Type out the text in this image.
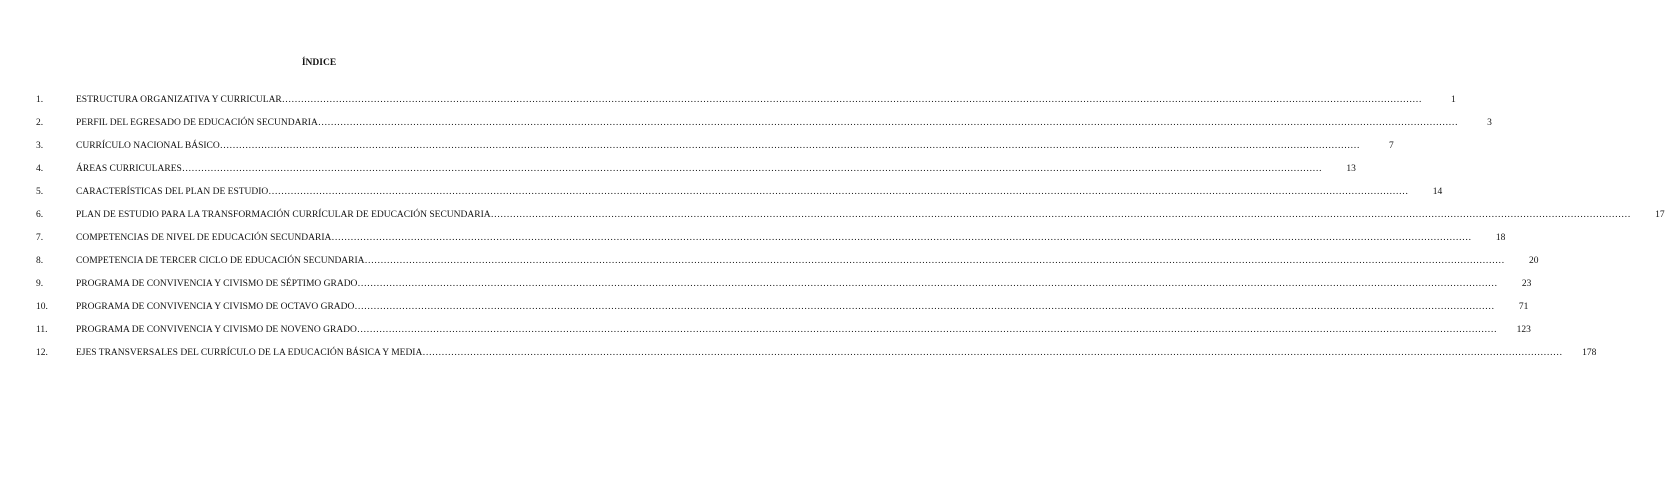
ÍNDICE
1.	ESTRUCTURA ORGANIZATIVA Y CURRICULAR………………………………………………………………………………………………………………………………………………………………………………………………………………………………………………………………………………………………………………………………	1
2.	PERFIL DEL EGRESADO DE EDUCACIÓN SECUNDARIA………………………………………………………………………………………………………………………………………………………………………………………………………………………………………………………………………………………………………………………………	3
3.	CURRÍCULO NACIONAL BÁSICO………………………………………………………………………………………………………………………………………………………………………………………………………………………………………………………………………………………………………………………………	7
4.	ÁREAS CURRICULARES………………………………………………………………………………………………………………………………………………………………………………………………………………………………………………………………………………………………………………………………	13
5.	CARACTERÍSTICAS DEL PLAN DE ESTUDIO………………………………………………………………………………………………………………………………………………………………………………………………………………………………………………………………………………………………………………………………	14
6.	PLAN DE ESTUDIO PARA LA TRANSFORMACIÓN CURRÍCULAR DE EDUCACIÓN SECUNDARIA………………………………………………………………………………………………………………………………………………………………………………………………………………………………………………………………………………………………………………………………	17
7.	COMPETENCIAS DE NIVEL DE EDUCACIÓN SECUNDARIA………………………………………………………………………………………………………………………………………………………………………………………………………………………………………………………………………………………………………………………………	18
8.	COMPETENCIA DE TERCER CICLO DE EDUCACIÓN SECUNDARIA………………………………………………………………………………………………………………………………………………………………………………………………………………………………………………………………………………………………………………………………	20
9.	PROGRAMA DE CONVIVENCIA Y CIVISMO DE SÉPTIMO GRADO………………………………………………………………………………………………………………………………………………………………………………………………………………………………………………………………………………………………………………………………	23
10.	PROGRAMA DE CONVIVENCIA Y CIVISMO DE OCTAVO GRADO………………………………………………………………………………………………………………………………………………………………………………………………………………………………………………………………………………………………………………………………	71
11.	PROGRAMA DE CONVIVENCIA Y CIVISMO DE NOVENO GRADO………………………………………………………………………………………………………………………………………………………………………………………………………………………………………………………………………………………………………………………………	123
12.	EJES TRANSVERSALES DEL CURRÍCULO DE LA EDUCACIÓN BÁSICA Y MEDIA………………………………………………………………………………………………………………………………………………………………………………………………………………………………………………………………………………………………………………………………	178
